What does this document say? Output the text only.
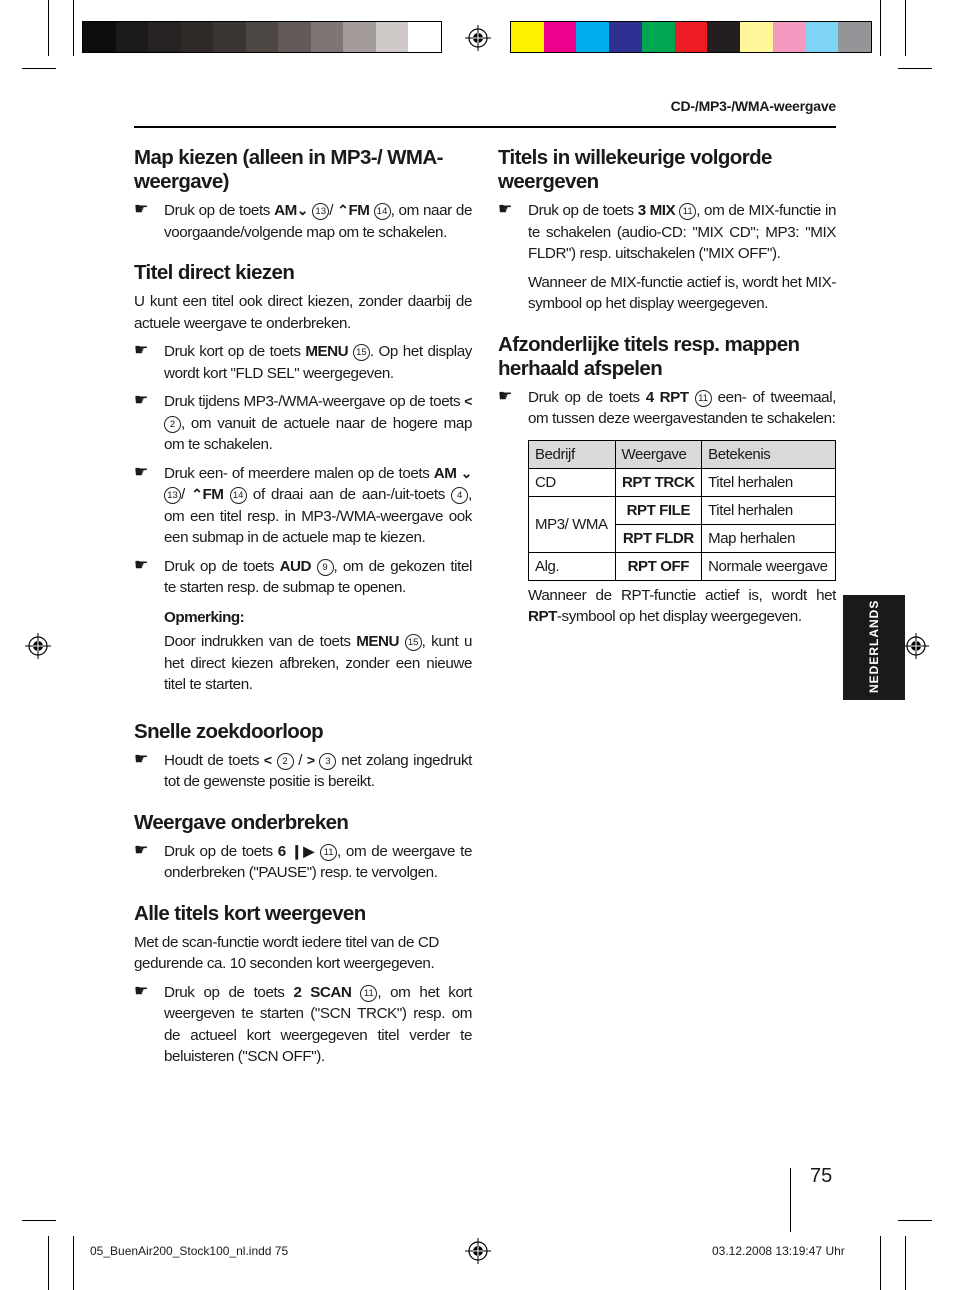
CD-/MP3-/WMA-weergave
Map kiezen (alleen in MP3-/ WMA-weergave)

☛ Druk op de toets AM⌄ 13 / ⌃FM 14 , om naar de voorgaande/volgende map om te schakelen.

Titel direct kiezen

U kunt een titel ook direct kiezen, zonder daarbij de actuele weergave te onderbreken.

☛ Druk kort op de toets MENU 15 . Op het display wordt kort "FLD SEL" weergegeven.

☛ Druk tijdens MP3-/WMA-weergave op de toets < 2 , om vanuit de actuele naar de hogere map om te schakelen.

☛ Druk een- of meerdere malen op de toets AM ⌄13 / ⌃FM 14 of draai aan de aan-/uit-toets 4 , om een titel resp. in MP3-/WMA-weergave ook een submap in de actuele map te kiezen.

☛ Druk op de toets AUD 9 , om de gekozen titel te starten resp. de submap te openen.

Opmerking:

Door indrukken van de toets MENU 15 , kunt u het direct kiezen afbreken, zonder een nieuwe titel te starten.

Snelle zoekdoorloop

☛ Houdt de toets < 2 / > 3 net zolang ingedrukt tot de gewenste positie is bereikt.

Weergave onderbreken

☛ Druk op de toets 6 ❙▶ 11 , om de weergave te onderbreken ("PAUSE") resp. te vervolgen.

Alle titels kort weergeven

Met de scan-functie wordt iedere titel van de CD gedurende ca. 10 seconden kort weergegeven.

☛ Druk op de toets 2 SCAN 11 , om het kort weergeven te starten ("SCN TRCK") resp. om de actueel kort weergegeven titel verder te beluisteren ("SCN OFF").

Titels in willekeurige volgorde weergeven

☛ Druk op de toets 3 MIX 11 , om de MIX-functie in te schakelen (audio-CD: "MIX CD"; MP3: "MIX FLDR") resp. uitschakelen ("MIX OFF").

Wanneer de MIX-functie actief is, wordt het MIX-symbool op het display weergegeven.

Afzonderlijke titels resp. mappen herhaald afspelen

☛ Druk op de toets 4 RPT 11 een- of tweemaal, om tussen deze weergavestanden te schakelen:

Bedrijf	Weergave	Betekenis
CD	RPT TRCK	Titel herhalen
MP3/ WMA	RPT FILE	Titel herhalen
	RPT FLDR	Map herhalen
Alg.	RPT OFF	Normale weergave

Wanneer de RPT-functie actief is, wordt het RPT-symbool op het display weergegeven.	NEDERLANDS
75
05_BuenAir200_Stock100_nl.indd 75	03.12.2008 13:19:47 Uhr
